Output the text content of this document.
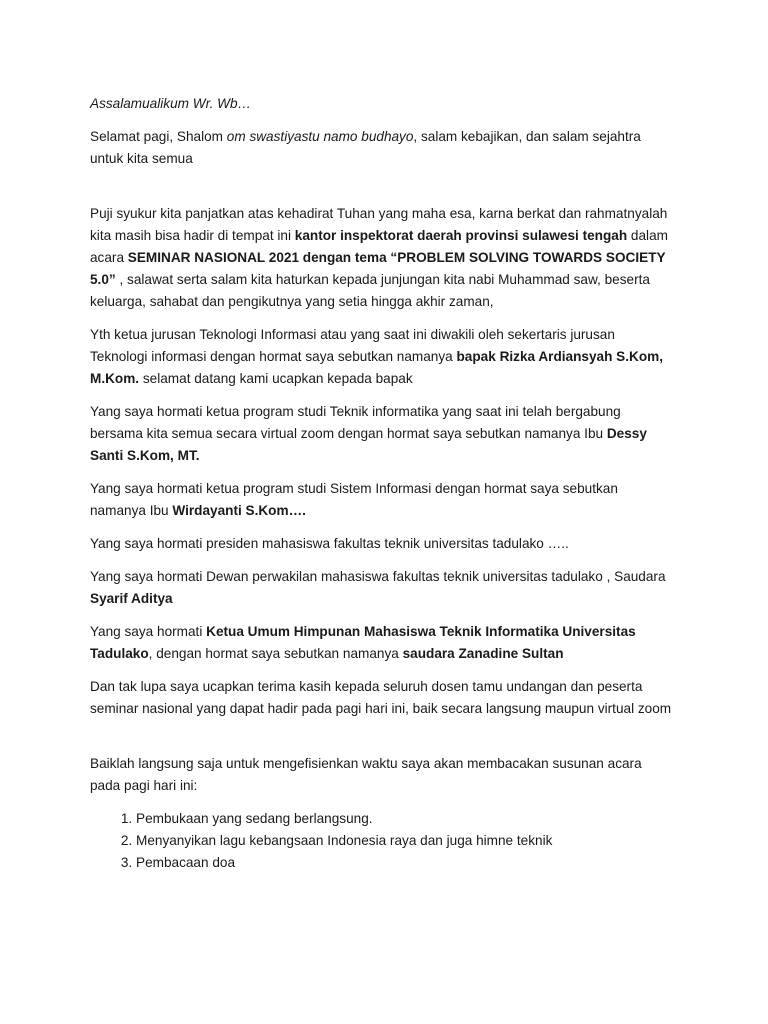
Assalamualikum Wr. Wb…

Selamat pagi, Shalom om swastiyastu namo budhayo, salam kebajikan, dan salam sejahtra untuk kita semua

Puji syukur kita panjatkan atas kehadirat Tuhan yang maha esa, karna berkat dan rahmatnyalah kita masih bisa hadir di tempat ini kantor inspektorat daerah provinsi sulawesi tengah dalam acara SEMINAR NASIONAL 2021 dengan tema “PROBLEM SOLVING TOWARDS SOCIETY 5.0” , salawat serta salam kita haturkan kepada junjungan kita nabi Muhammad saw, beserta keluarga, sahabat dan pengikutnya yang setia hingga akhir zaman,

Yth ketua jurusan Teknologi Informasi atau yang saat ini diwakili oleh sekertaris jurusan Teknologi informasi dengan hormat saya sebutkan namanya bapak Rizka Ardiansyah S.Kom, M.Kom. selamat datang kami ucapkan kepada bapak

Yang saya hormati ketua program studi Teknik informatika yang saat ini telah bergabung bersama kita semua secara virtual zoom dengan hormat saya sebutkan namanya Ibu Dessy Santi S.Kom, MT.

Yang saya hormati ketua program studi Sistem Informasi dengan hormat saya sebutkan namanya Ibu Wirdayanti S.Kom….

Yang saya hormati presiden mahasiswa fakultas teknik universitas tadulako …..

Yang saya hormati Dewan perwakilan mahasiswa fakultas teknik universitas tadulako , Saudara Syarif Aditya

Yang saya hormati Ketua Umum Himpunan Mahasiswa Teknik Informatika Universitas Tadulako, dengan hormat saya sebutkan namanya saudara Zanadine Sultan

Dan tak lupa saya ucapkan terima kasih kepada seluruh dosen tamu undangan dan peserta seminar nasional yang dapat hadir pada pagi hari ini, baik secara langsung maupun virtual zoom

Baiklah langsung saja untuk mengefisienkan waktu saya akan membacakan susunan acara pada pagi hari ini:

1. Pembukaan yang sedang berlangsung.
2. Menyanyikan lagu kebangsaan Indonesia raya dan juga himne teknik
3. Pembacaan doa
